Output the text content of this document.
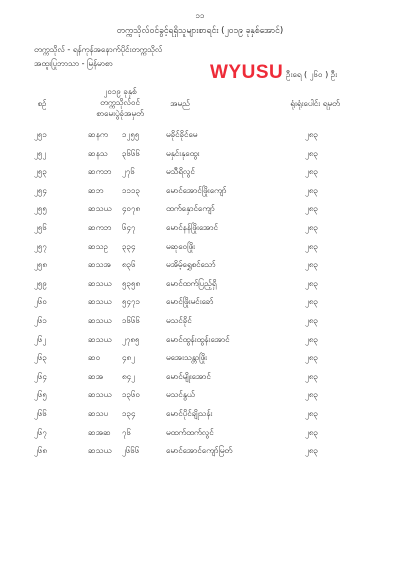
၁၁
တက္ကသိုလ်ဝင်ခွင့်ရရှိသူများစာရင်း (၂၀၁၉ ခုနှစ်အောင်)
တက္ကသိုလ် - ရန်ကုန်အနောက်ပိုင်းတက္ကသိုလ်
အထူးပြုဘာသာ - မြန်မာစာ	WYUSU ဦးရေ ( ၂၆၀ ) ဦး
စဉ်
၂၀၁၉ ခုနှစ်
တက္ကသိုလ်ဝင်
စာမေးပွဲခုံအမှတ်
အမည်	ရုံးရုံးပေါင်း ရမှတ်
၂၅၁	ဆနက ၁၂၅၅	မခိုင်ခိုင်မေ	၂၈၃
၂၅၂	ဆနသ ၃၆၆၆	မနှင်းနုထွေး	၂၈၃
၂၅၃	ဆကဘ ၂၇၆	မသီရိလွင်	၂၈၃
၂၅၄	ဆဘ ၁၁၁၃	မောင်အောင်ဖြိုးကျော်	၂၈၃
၂၅၅	ဆသယ ၄၀၇၈	ထက်နှောင်ကျော်	၂၈၃
၂၅၆	ဆကဘ ၆၄၇	မောင်နန်ဖြိုးအောင်	၂၈၃
၂၅၇	ဆသဥ ၃၃၄	မဆုဝေဖြိုး	၂၈၃
၂၅၈	ဆသအ ၈၃၆	မအိမ့်ရွှေစင်သော်	၂၈၃
၂၅၉	ဆသယ ၅၃၅၈	မောင်ထက်ပြည့်ရှိ	၂၈၃
၂၆၀	ဆသယ ၅၄၇၁	မောင်ဖြိုးမင်းခော်	၂၈၃
၂၆၁	ဆသယ ၁၆၆၆	မသင်ခိုင်	၂၈၃
၂၆၂	ဆသယ ၂၇၈၅	မောင်ထွန်းထွန်းအောင်	၂၈၃
၂၆၃	ဆဝ	၄၈၂	မအေးသန္တာဖြိုး	၂၈၃
၂၆၄	ဆအ ၈၄၂	မောင်မျိုးအောင်	၂၈၃
၂၆၅	ဆသယ ၁၃၆၀	မသင်နွယ်	၂၈၃
၂၆၆	ဆသပ ၁၃၄	မောင်ပိုင်ချိုသန်း	၂၈၃
၂၆၇	ဆအဆ ၇၆	မထက်ထက်လွင်	၂၈၃
၂၆၈	ဆသယ ၂၆၆၆	မောင်အောင်ကျော်မြတ်	၂၈၃
